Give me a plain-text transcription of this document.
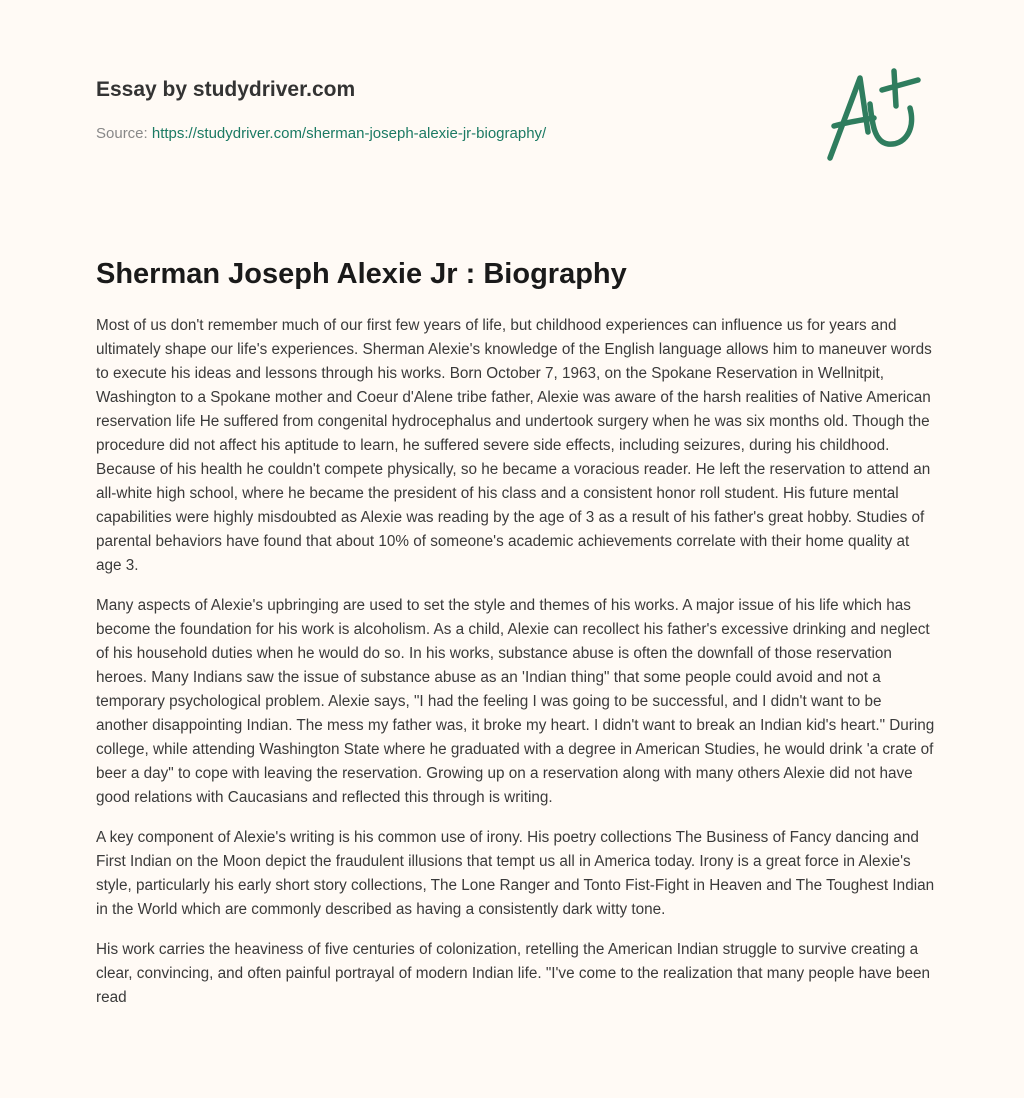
Essay by studydriver.com
Source: https://studydriver.com/sherman-joseph-alexie-jr-biography/
Sherman Joseph Alexie Jr : Biography

Most of us don't remember much of our first few years of life, but childhood experiences can influence us for years and ultimately shape our life's experiences. Sherman Alexie's knowledge of the English language allows him to maneuver words to execute his ideas and lessons through his works. Born October 7, 1963, on the Spokane Reservation in Wellnitpit, Washington to a Spokane mother and Coeur d'Alene tribe father, Alexie was aware of the harsh realities of Native American reservation life He suffered from congenital hydrocephalus and undertook surgery when he was six months old. Though the procedure did not affect his aptitude to learn, he suffered severe side effects, including seizures, during his childhood. Because of his health he couldn't compete physically, so he became a voracious reader. He left the reservation to attend an all-white high school, where he became the president of his class and a consistent honor roll student. His future mental capabilities were highly misdoubted as Alexie was reading by the age of 3 as a result of his father's great hobby. Studies of parental behaviors have found that about 10% of someone's academic achievements correlate with their home quality at age 3.

Many aspects of Alexie's upbringing are used to set the style and themes of his works. A major issue of his life which has become the foundation for his work is alcoholism. As a child, Alexie can recollect his father's excessive drinking and neglect of his household duties when he would do so. In his works, substance abuse is often the downfall of those reservation heroes. Many Indians saw the issue of substance abuse as an 'Indian thing" that some people could avoid and not a temporary psychological problem. Alexie says, "I had the feeling I was going to be successful, and I didn't want to be another disappointing Indian. The mess my father was, it broke my heart. I didn't want to break an Indian kid's heart." During college, while attending Washington State where he graduated with a degree in American Studies, he would drink 'a crate of beer a day" to cope with leaving the reservation. Growing up on a reservation along with many others Alexie did not have good relations with Caucasians and reflected this through is writing.

A key component of Alexie's writing is his common use of irony. His poetry collections The Business of Fancy dancing and First Indian on the Moon depict the fraudulent illusions that tempt us all in America today. Irony is a great force in Alexie's style, particularly his early short story collections, The Lone Ranger and Tonto Fist-Fight in Heaven and The Toughest Indian in the World which are commonly described as having a consistently dark witty tone.

His work carries the heaviness of five centuries of colonization, retelling the American Indian struggle to survive creating a clear, convincing, and often painful portrayal of modern Indian life. "I've come to the realization that many people have been read
